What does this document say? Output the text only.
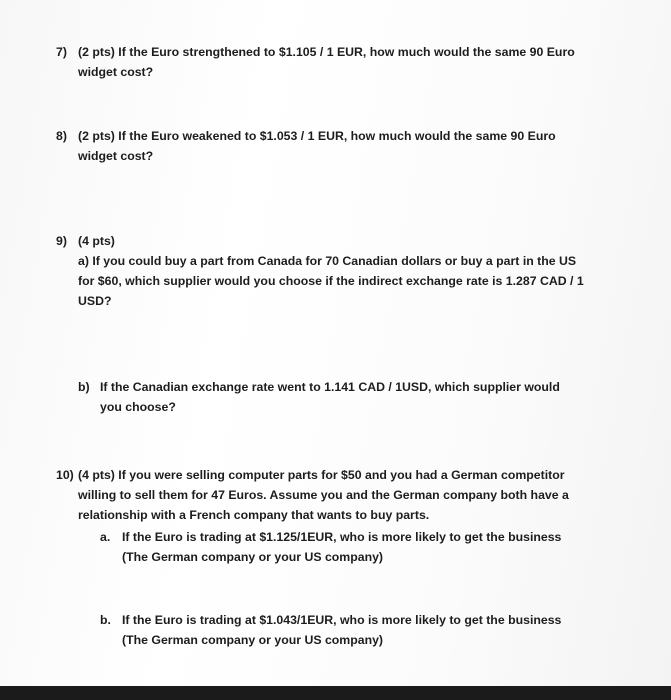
7) (2 pts) If the Euro strengthened to $1.105 / 1 EUR, how much would the same 90 Euro
widget cost?
8) (2 pts) If the Euro weakened to $1.053 / 1 EUR, how much would the same 90 Euro
widget cost?
9) (4 pts)
a) If you could buy a part from Canada for 70 Canadian dollars or buy a part in the US
for $60, which supplier would you choose if the indirect exchange rate is 1.287 CAD / 1
USD?
b) If the Canadian exchange rate went to 1.141 CAD / 1USD, which supplier would
you choose?
10) (4 pts) If you were selling computer parts for $50 and you had a German competitor
willing to sell them for 47 Euros. Assume you and the German company both have a
relationship with a French company that wants to buy parts.
a. If the Euro is trading at $1.125/1EUR, who is more likely to get the business
(The German company or your US company)
b. If the Euro is trading at $1.043/1EUR, who is more likely to get the business
(The German company or your US company)
